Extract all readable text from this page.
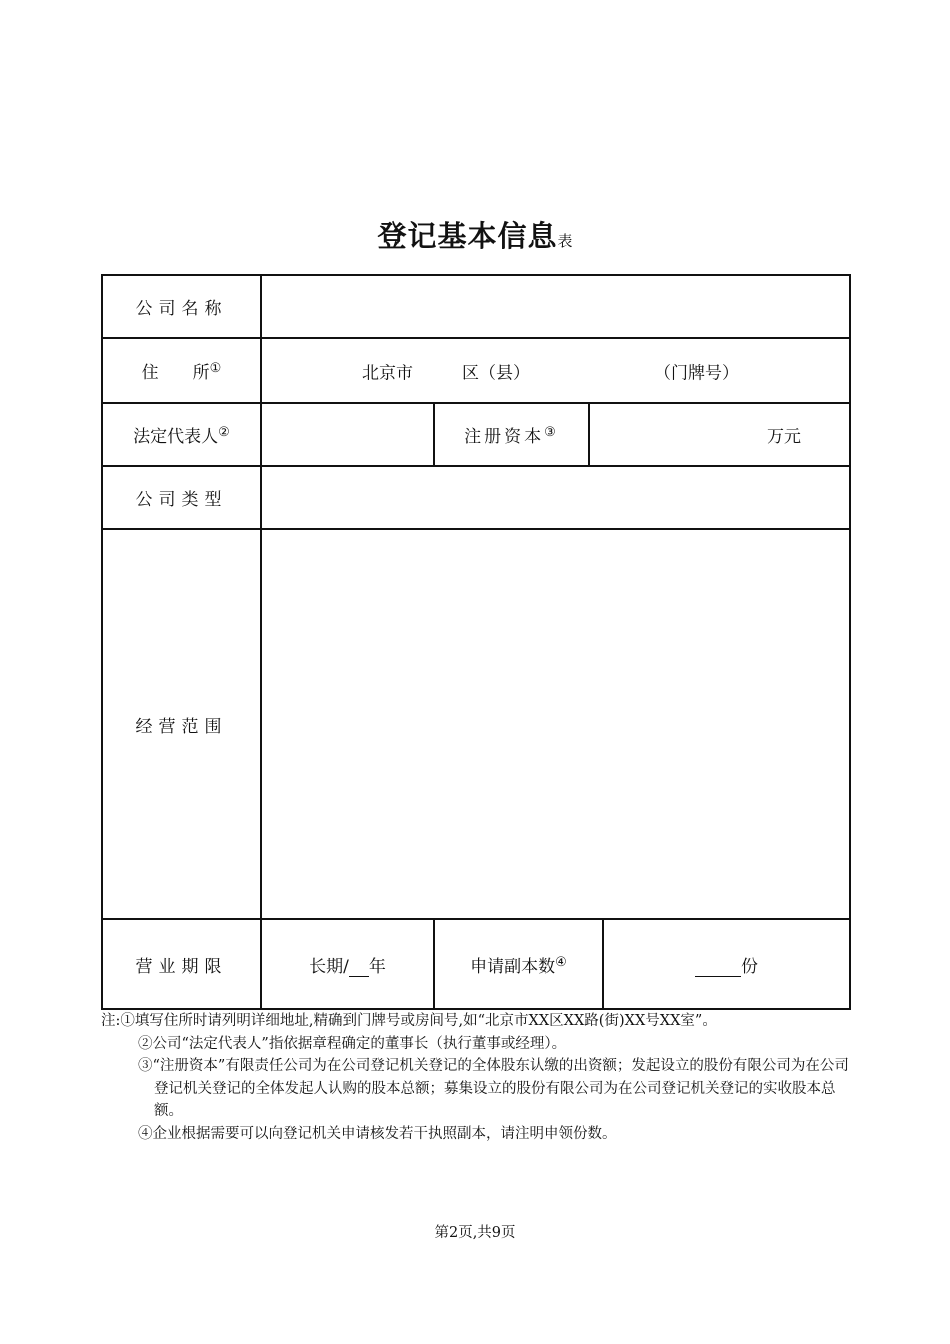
登记基本信息表
公司名称				
住　　所①	北京市 区（县） （门牌号）			

法定代表人②		注册资本③	万元	
公司类型				
经营范围				
营业期限	长期/ 年	申请副本数④		份

注:①填写住所时请列明详细地址,精确到门牌号或房间号,如“北京市XX区XX路(街)XX号XX室”。

②公司“法定代表人”指依据章程确定的董事长（执行董事或经理）。

③“注册资本”有限责任公司为在公司登记机关登记的全体股东认缴的出资额；发起设立的股份有限公司为在公司登记机关登记的全体发起人认购的股本总额；募集设立的股份有限公司为在公司登记机关登记的实收股本总额。

④企业根据需要可以向登记机关申请核发若干执照副本，请注明申领份数。

第2页,共9页
